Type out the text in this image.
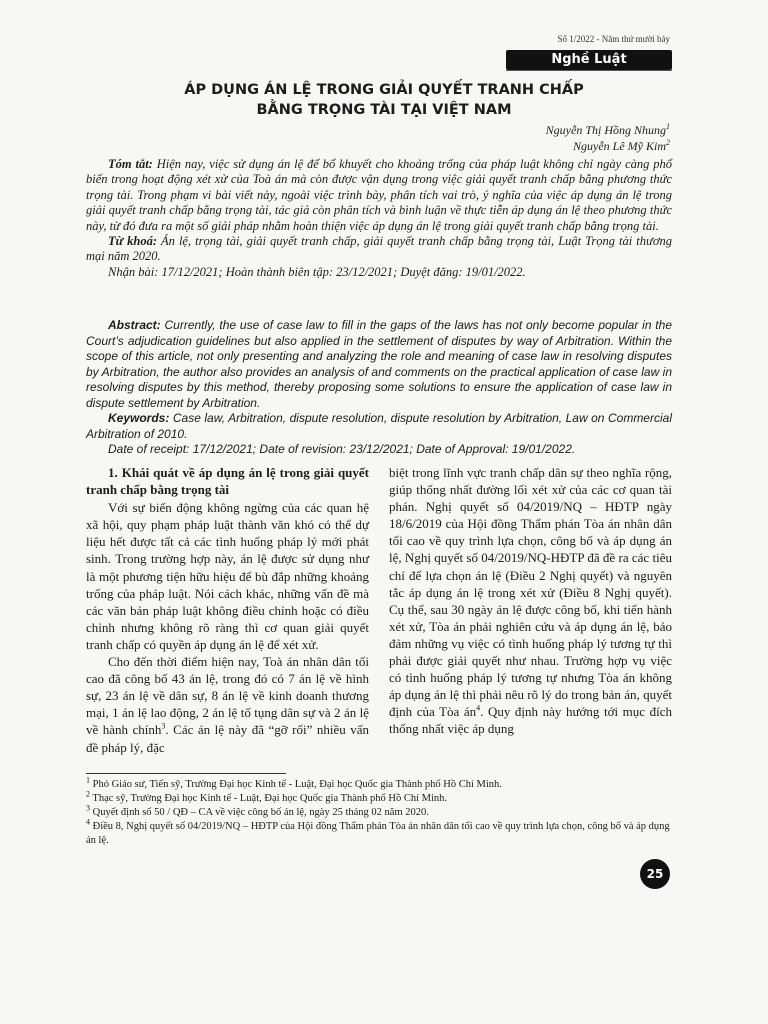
Số 1/2022 - Năm thứ mười bảy
Nghề Luật
ÁP DỤNG ÁN LỆ TRONG GIẢI QUYẾT TRANH CHẤP
BẰNG TRỌNG TÀI TẠI VIỆT NAM
Nguyễn Thị Hồng Nhung$^1$
Nguyễn Lê Mỹ Kim$^2$
Tóm tắt: Hiện nay, việc sử dụng án lệ để bổ khuyết cho khoảng trống của pháp luật không chỉ ngày càng phổ biến trong hoạt động xét xử của Toà án mà còn được vận dụng trong việc giải quyết tranh chấp bằng phương thức trọng tài. Trong phạm vi bài viết này, ngoài việc trình bày, phân tích vai trò, ý nghĩa của việc áp dụng án lệ trong giải quyết tranh chấp bằng trọng tài, tác giả còn phân tích và bình luận về thực tiễn áp dụng án lệ theo phương thức này, từ đó đưa ra một số giải pháp nhằm hoàn thiện việc áp dụng án lệ trong giải quyết tranh chấp bằng trọng tài.
Từ khoá: Án lệ, trọng tài, giải quyết tranh chấp, giải quyết tranh chấp bằng trọng tài, Luật Trọng tài thương mại năm 2020.
Nhận bài: 17/12/2021; Hoàn thành biên tập: 23/12/2021; Duyệt đăng: 19/01/2022.
Abstract: Currently, the use of case law to fill in the gaps of the laws has not only become popular in the Court’s adjudication guidelines but also applied in the settlement of disputes by way of Arbitration. Within the scope of this article, not only presenting and analyzing the role and meaning of case law in resolving disputes by Arbitration, the author also provides an analysis of and comments on the practical application of case law in resolving disputes by this method, thereby proposing some solutions to ensure the application of case law in dispute settlement by Arbitration.
Keywords: Case law, Arbitration, dispute resolution, dispute resolution by Arbitration, Law on Commercial Arbitration of 2010.
Date of receipt: 17/12/2021; Date of revision: 23/12/2021; Date of Approval: 19/01/2022.
1. Khái quát về áp dụng án lệ trong giải quyết tranh chấp bằng trọng tài

Với sự biến động không ngừng của các quan hệ xã hội, quy phạm pháp luật thành văn khó có thể dự liệu hết được tất cả các tình huống pháp lý mới phát sinh. Trong trường hợp này, án lệ được sử dụng như là một phương tiện hữu hiệu để bù đắp những khoảng trống của pháp luật. Nói cách khác, những vấn đề mà các văn bản pháp luật không điều chỉnh hoặc có điều chỉnh nhưng không rõ ràng thì cơ quan giải quyết tranh chấp có quyền áp dụng án lệ để xét xử.

Cho đến thời điểm hiện nay, Toà án nhân dân tối cao đã công bố 43 án lệ, trong đó có 7 án lệ về hình sự, 23 án lệ về dân sự, 8 án lệ về kinh doanh thương mại, 1 án lệ lao động, 2 án lệ tố tụng dân sự và 2 án lệ về hành chính$^3$. Các án lệ này đã “gỡ rối” nhiều vấn đề pháp lý, đặc

biệt trong lĩnh vực tranh chấp dân sự theo nghĩa rộng, giúp thống nhất đường lối xét xử của các cơ quan tài phán. Nghị quyết số 04/2019/NQ – HĐTP ngày 18/6/2019 của Hội đồng Thẩm phán Tòa án nhân dân tối cao về quy trình lựa chọn, công bố và áp dụng án lệ, Nghị quyết số 04/2019/NQ-HĐTP đã đề ra các tiêu chí để lựa chọn án lệ (Điều 2 Nghị quyết) và nguyên tắc áp dụng án lệ trong xét xử (Điều 8 Nghị quyết). Cụ thể, sau 30 ngày án lệ được công bố, khi tiến hành xét xử, Tòa án phải nghiên cứu và áp dụng án lệ, bảo đảm những vụ việc có tình huống pháp lý tương tự thì phải được giải quyết như nhau. Trường hợp vụ việc có tình huống pháp lý tương tự nhưng Tòa án không áp dụng án lệ thì phải nêu rõ lý do trong bản án, quyết định của Tòa $án^4$. Quy định này hướng tới mục đích thống nhất việc áp dụng

$^1$ Phó Giáo sư, Tiến sỹ, Trường Đại học Kinh tế - Luật, Đại học Quốc gia Thành phố Hồ Chí Minh.
$^2$ Thạc sỹ, Trường Đại học Kinh tế - Luật, Đại học Quốc gia Thành phố Hồ Chí Minh.
$^3$ Quyết định số 50 / QĐ – CA về việc công bố án lệ, ngày 25 tháng 02 năm 2020.
$^4$ Điều 8, Nghị quyết số 04/2019/NQ – HĐTP của Hội đồng Thẩm phán Tòa án nhân dân tối cao về quy trình lựa chọn, công bố và áp dụng án lệ.
25
